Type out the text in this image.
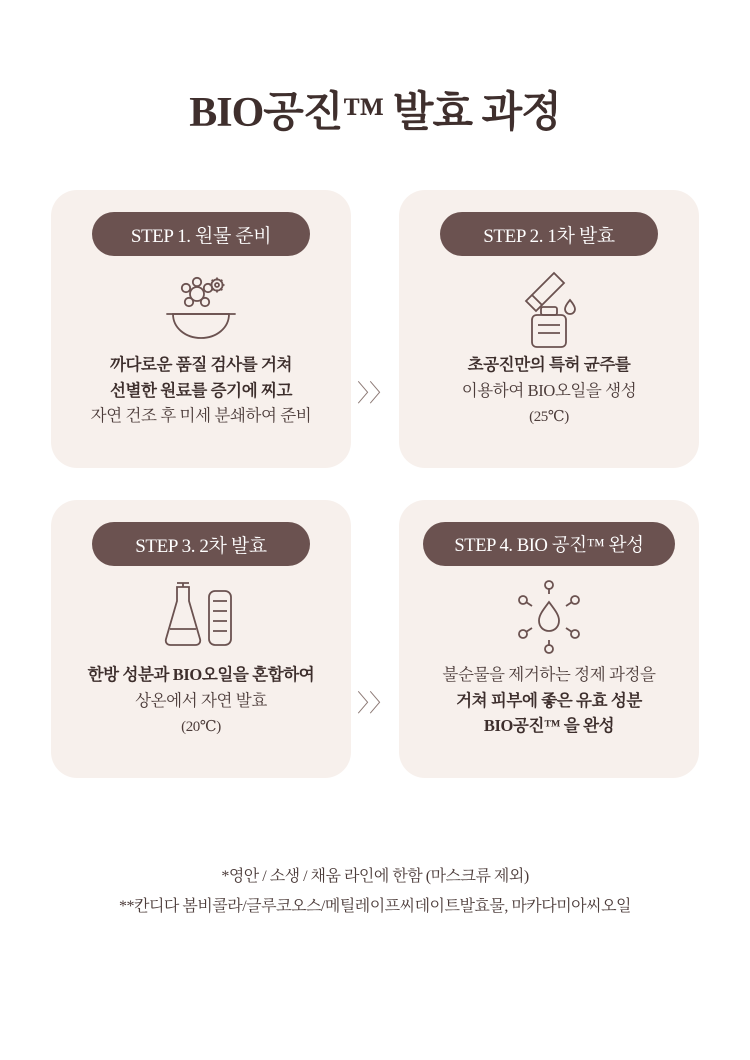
BIO공진™ 발효 과정
STEP 1. 원물 준비
까다로운 품질 검사를 거쳐
선별한 원료를 증기에 찌고
자연 건조 후 미세 분쇄하여 준비
〉〉
STEP 2. 1차 발효
초공진만의 특허 균주를
이용하여 BIO오일을 생성
(25℃)
STEP 3. 2차 발효
한방 성분과 BIO오일을 혼합하여
상온에서 자연 발효
(20℃)
〉〉
STEP 4. BIO 공진™ 완성
불순물을 제거하는 정제 과정을
거쳐 피부에 좋은 유효 성분
BIO공진™ 을 완성
*영안 / 소생 / 채움 라인에 한함 (마스크류 제외)
**칸디다 봄비콜라/글루코오스/메틸레이프씨데이트발효물, 마카다미아씨오일
